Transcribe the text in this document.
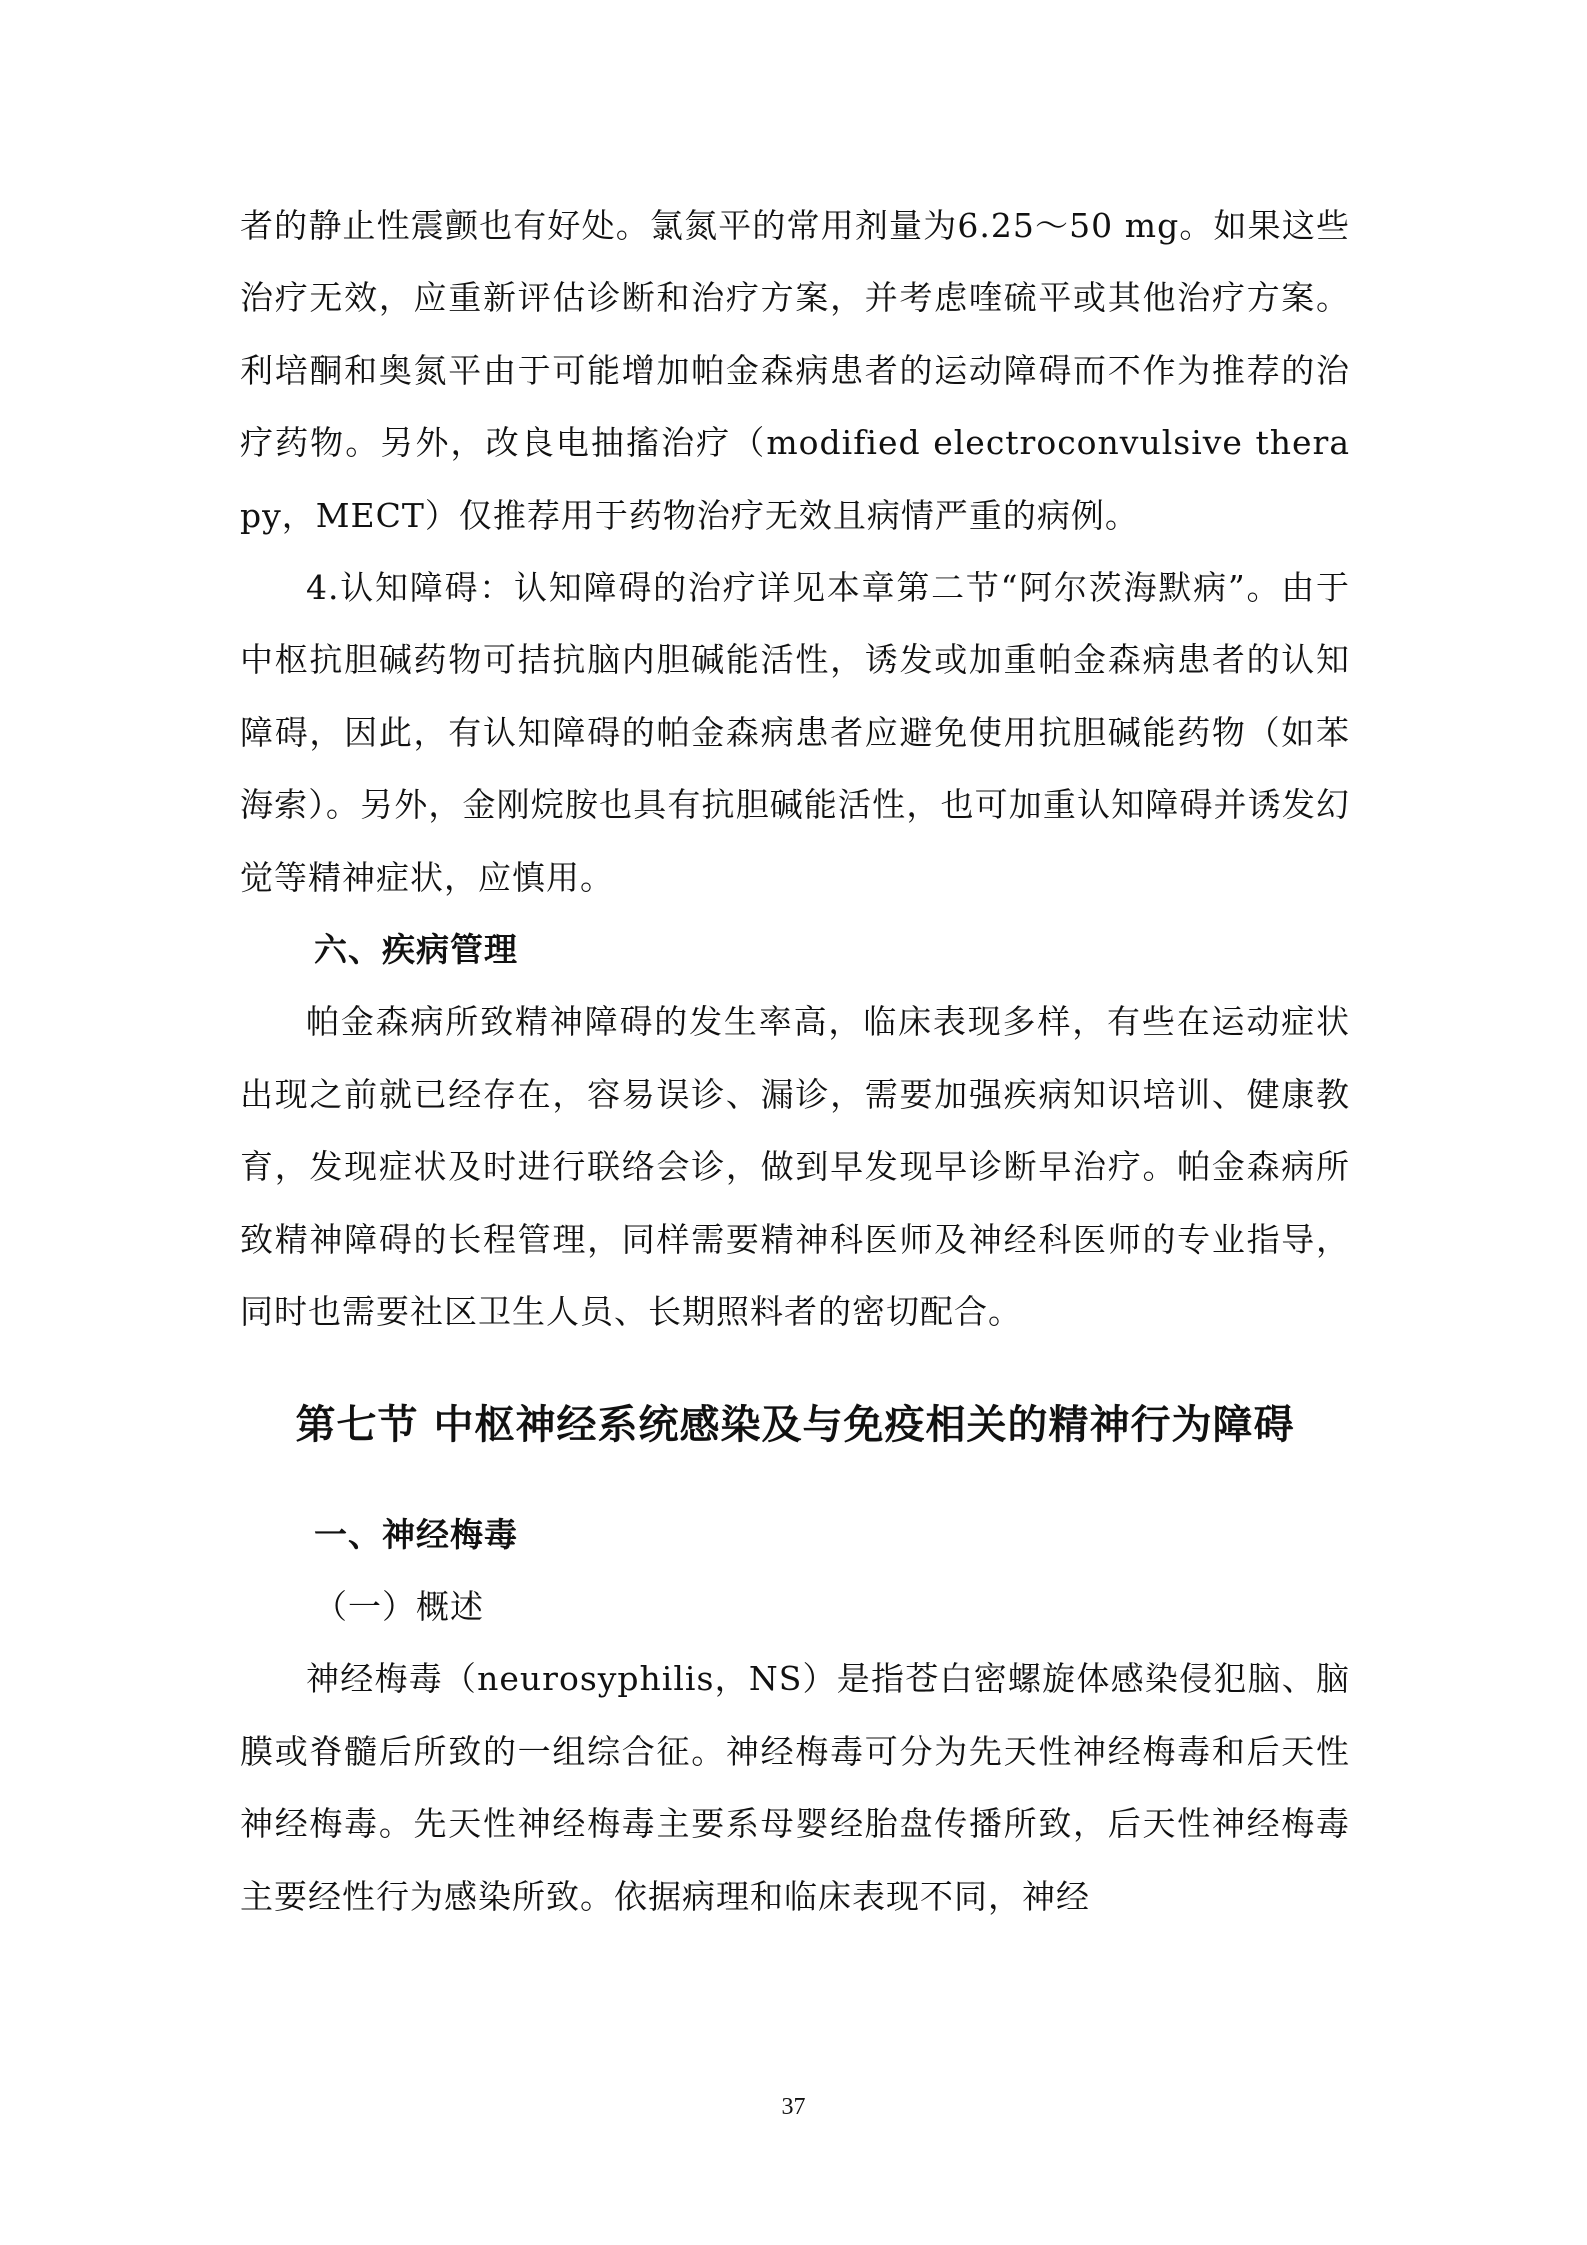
者的静止性震颤也有好处。氯氮平的常用剂量为6.25～50 mg。如果这些治疗无效，应重新评估诊断和治疗方案，并考虑喹硫平或其他治疗方案。利培酮和奥氮平由于可能增加帕金森病患者的运动障碍而不作为推荐的治疗药物。另外，改良电抽搐治疗（modified electroconvulsive therapy，MECT）仅推荐用于药物治疗无效且病情严重的病例。

4.认知障碍：认知障碍的治疗详见本章第二节“阿尔茨海默病”。由于中枢抗胆碱药物可拮抗脑内胆碱能活性，诱发或加重帕金森病患者的认知障碍，因此，有认知障碍的帕金森病患者应避免使用抗胆碱能药物（如苯海索）。另外，金刚烷胺也具有抗胆碱能活性，也可加重认知障碍并诱发幻觉等精神症状，应慎用。

六、疾病管理

帕金森病所致精神障碍的发生率高，临床表现多样，有些在运动症状出现之前就已经存在，容易误诊、漏诊，需要加强疾病知识培训、健康教育，发现症状及时进行联络会诊，做到早发现早诊断早治疗。帕金森病所致精神障碍的长程管理，同样需要精神科医师及神经科医师的专业指导，同时也需要社区卫生人员、长期照料者的密切配合。

第七节 中枢神经系统感染及与免疫相关的精神行为障碍
一、神经梅毒
（一）概述

神经梅毒（neurosyphilis，NS）是指苍白密螺旋体感染侵犯脑、脑膜或脊髓后所致的一组综合征。神经梅毒可分为先天性神经梅毒和后天性神经梅毒。先天性神经梅毒主要系母婴经胎盘传播所致，后天性神经梅毒主要经性行为感染所致。依据病理和临床表现不同，神经

37
